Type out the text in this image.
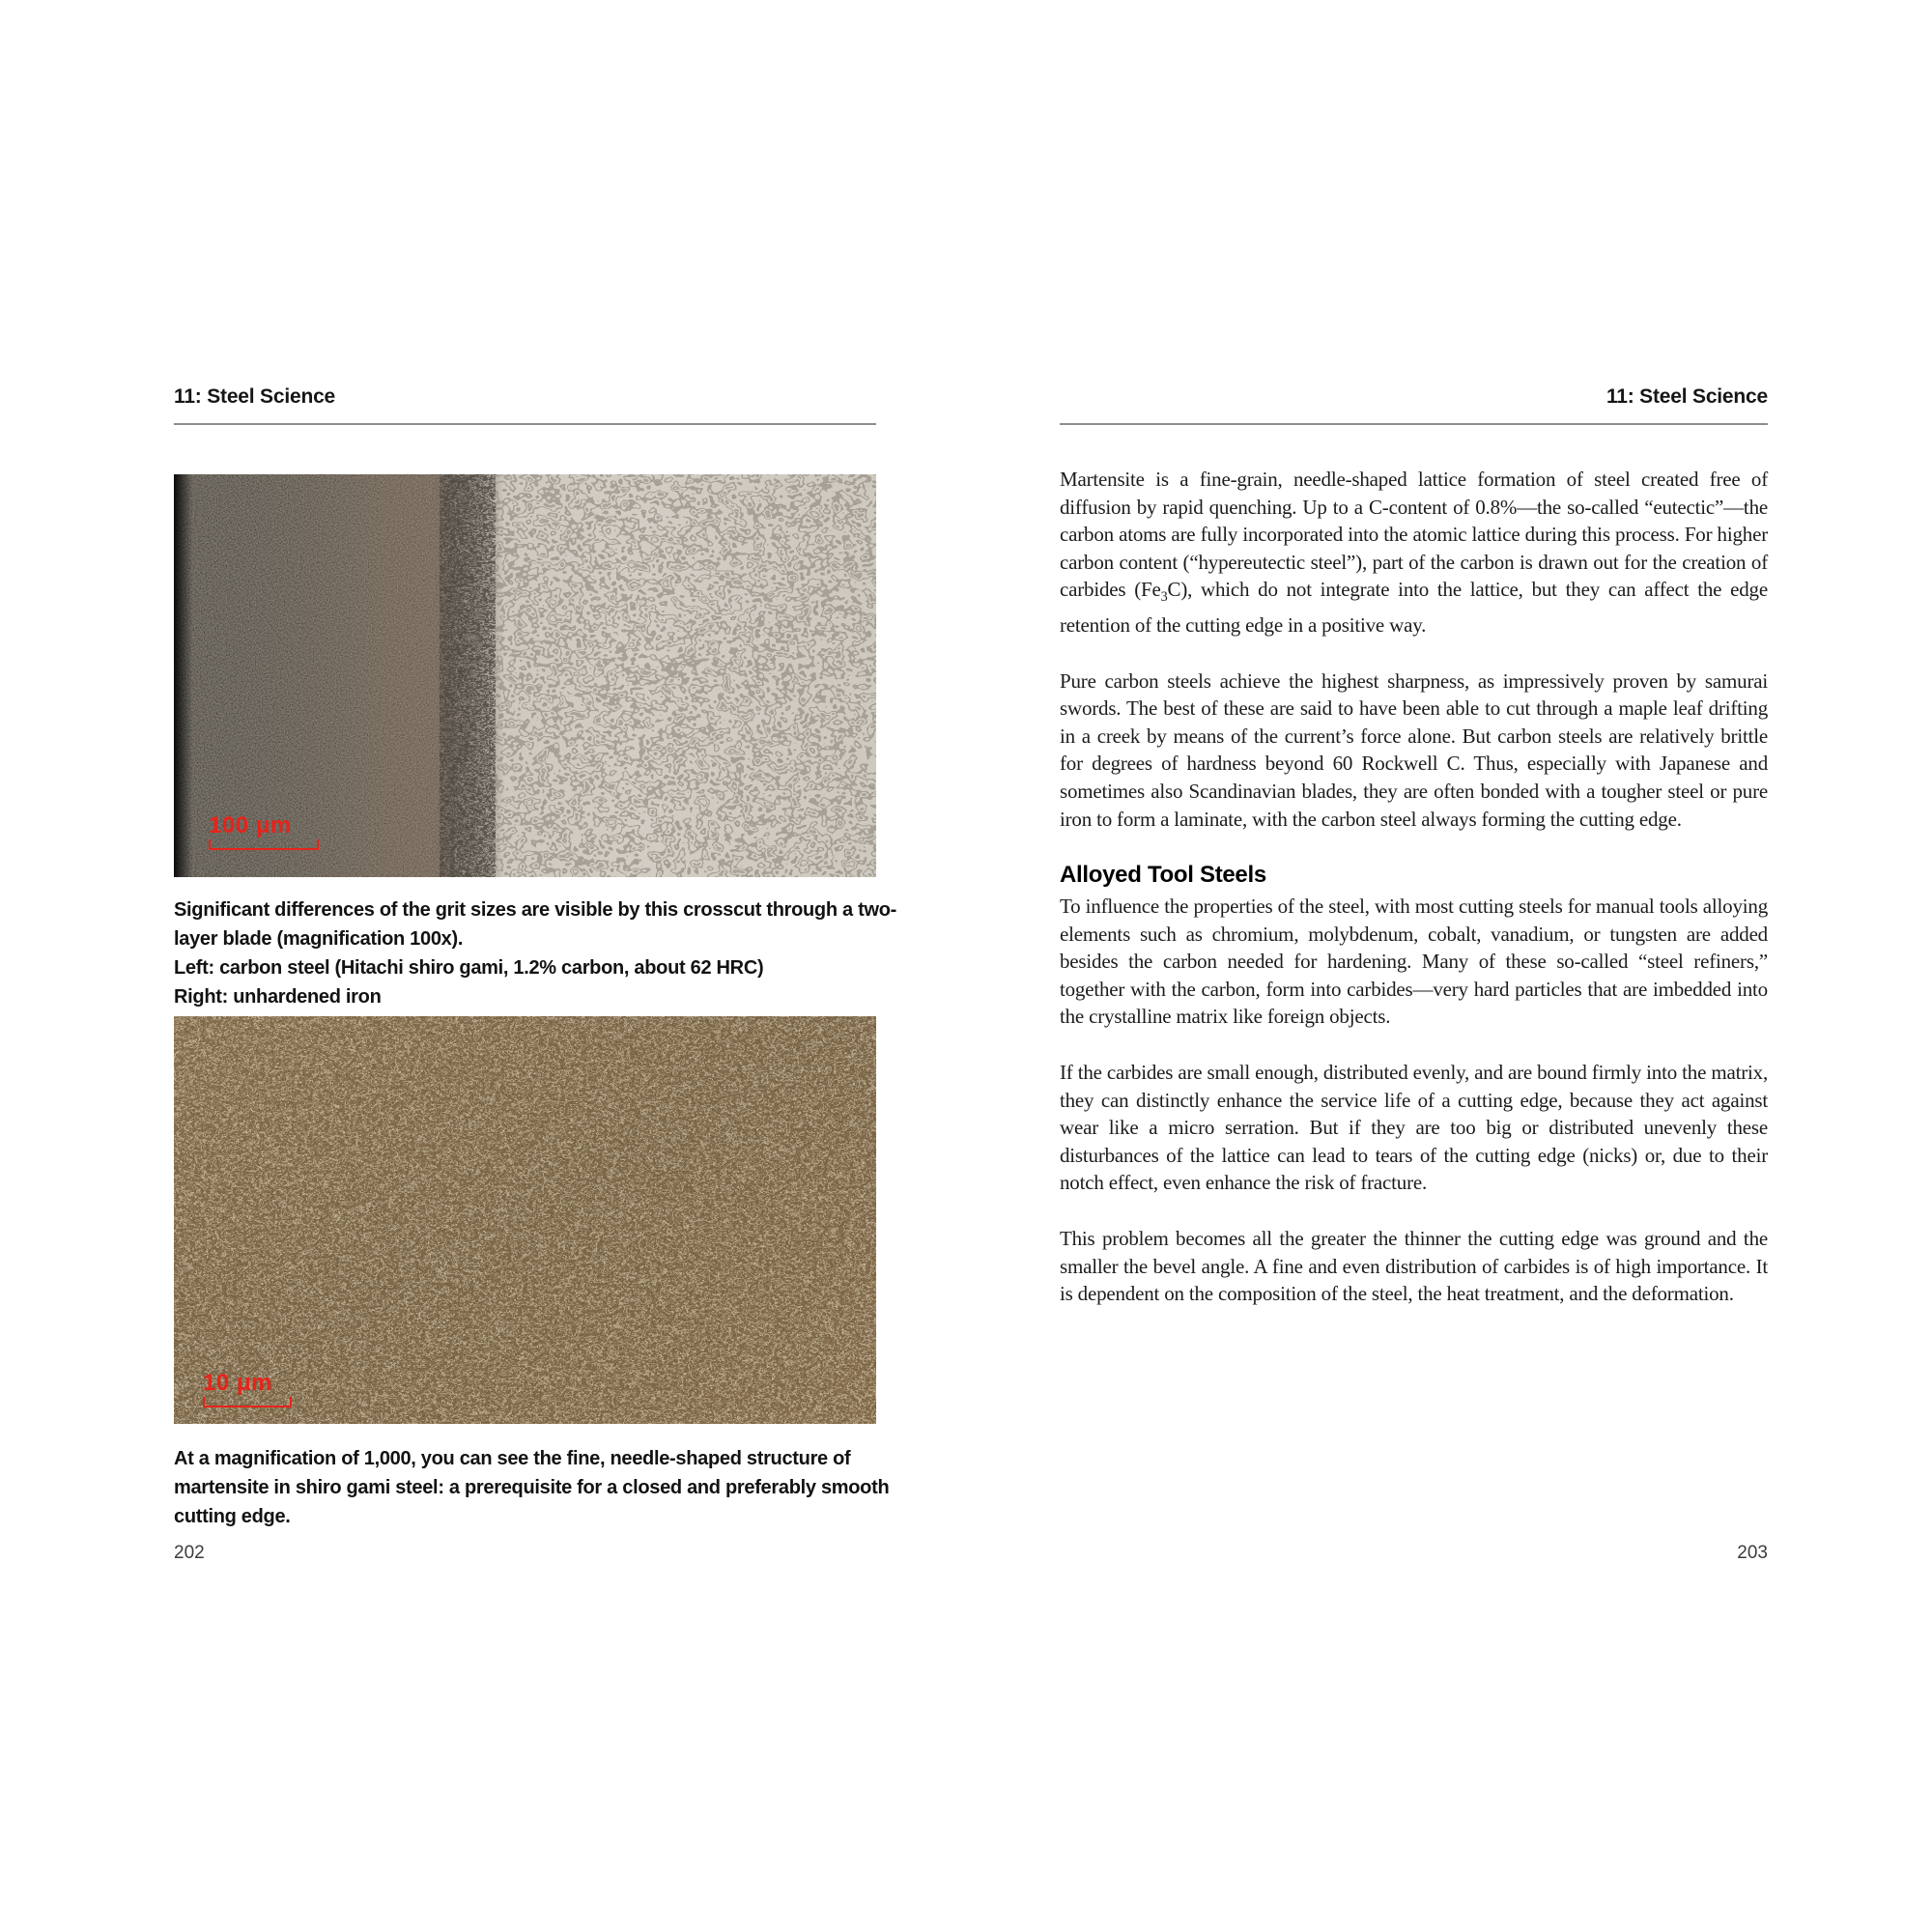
11: Steel Science
100 μm
Significant differences of the grit sizes are visible by this crosscut through a two-layer blade (magnification 100x).
Left: carbon steel (Hitachi shiro gami, 1.2% carbon, about 62 HRC)
Right: unhardened iron
10 μm
At a magnification of 1,000, you can see the fine, needle-shaped structure of martensite in shiro gami steel: a prerequisite for a closed and preferably smooth cutting edge.
202
11: Steel Science

Martensite is a fine-grain, needle-shaped lattice formation of steel created free of diffusion by rapid quenching. Up to a C-content of 0.8%—the so-called “eutectic”—the carbon atoms are fully incorporated into the atomic lattice during this process. For higher carbon content (“hypereutectic steel”), part of the carbon is drawn out for the creation of carbides $(Fe_3C)$, which do not integrate into the lattice, but they can affect the edge retention of the cutting edge in a positive way.

Pure carbon steels achieve the highest sharpness, as impressively proven by samurai swords. The best of these are said to have been able to cut through a maple leaf drifting in a creek by means of the current’s force alone. But carbon steels are relatively brittle for degrees of hardness beyond 60 Rockwell C. Thus, especially with Japanese and sometimes also Scandinavian blades, they are often bonded with a tougher steel or pure iron to form a laminate, with the carbon steel always forming the cutting edge.

Alloyed Tool Steels

To influence the properties of the steel, with most cutting steels for manual tools alloying elements such as chromium, molybdenum, cobalt, vanadium, or tungsten are added besides the carbon needed for hardening. Many of these so-called “steel refiners,” together with the carbon, form into carbides—very hard particles that are imbedded into the crystalline matrix like foreign objects.

If the carbides are small enough, distributed evenly, and are bound firmly into the matrix, they can distinctly enhance the service life of a cutting edge, because they act against wear like a micro serration. But if they are too big or distributed unevenly these disturbances of the lattice can lead to tears of the cutting edge (nicks) or, due to their notch effect, even enhance the risk of fracture.

This problem becomes all the greater the thinner the cutting edge was ground and the smaller the bevel angle. A fine and even distribution of carbides is of high importance. It is dependent on the composition of the steel, the heat treatment, and the deformation.

203
